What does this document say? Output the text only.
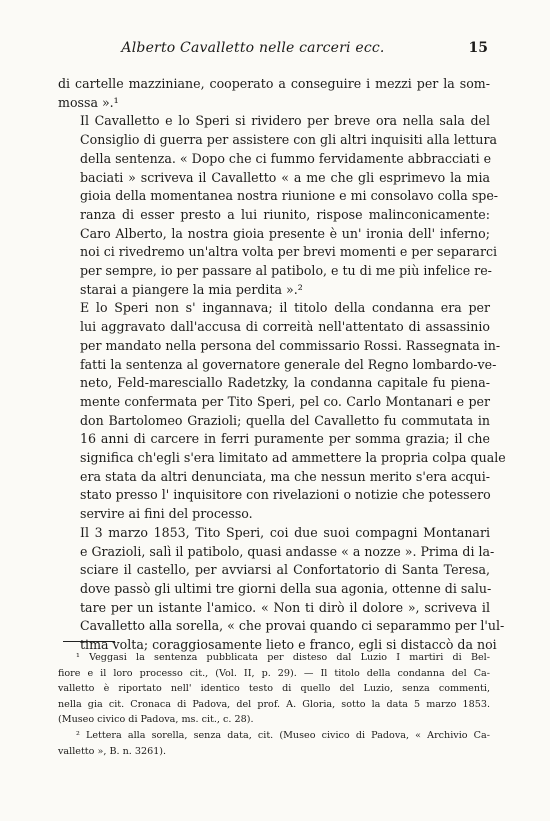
Alberto Cavalletto nelle carceri ecc.	15

di cartelle mazziniane, cooperato a conseguire i mezzi per la som-
mossa ».¹

Il Cavalletto e lo Speri si rividero per breve ora nella sala del
Consiglio di guerra per assistere con gli altri inquisiti alla lettura
della sentenza. « Dopo che ci fummo fervidamente abbracciati e
baciati » scriveva il Cavalletto « a me che gli esprimevo la mia
gioia della momentanea nostra riunione e mi consolavo colla spe-
ranza di esser presto a lui riunito, rispose malinconicamente:
Caro Alberto, la nostra gioia presente è un' ironia dell' inferno;
noi ci rivedremo un'altra volta per brevi momenti e per separarci
per sempre, io per passare al patibolo, e tu di me più infelice re-
starai a piangere la mia perdita ».²

E lo Speri non s' ingannava; il titolo della condanna era per
lui aggravato dall'accusa di correità nell'attentato di assassinio
per mandato nella persona del commissario Rossi. Rassegnata in-
fatti la sentenza al governatore generale del Regno lombardo-ve-
neto, Feld-maresciallo Radetzky, la condanna capitale fu piena-
mente confermata per Tito Speri, pel co. Carlo Montanari e per
don Bartolomeo Grazioli; quella del Cavalletto fu commutata in
16 anni di carcere in ferri puramente per somma grazia; il che
significa ch'egli s'era limitato ad ammettere la propria colpa quale
era stata da altri denunciata, ma che nessun merito s'era acqui-
stato presso l' inquisitore con rivelazioni o notizie che potessero
servire ai fini del processo.

Il 3 marzo 1853, Tito Speri, coi due suoi compagni Montanari
e Grazioli, salì il patibolo, quasi andasse « a nozze ». Prima di la-
sciare il castello, per avviarsi al Confortatorio di Santa Teresa,
dove passò gli ultimi tre giorni della sua agonia, ottenne di salu-
tare per un istante l'amico. « Non ti dirò il dolore », scriveva il
Cavalletto alla sorella, « che provai quando ci separammo per l'ul-
tima volta; coraggiosamente lieto e franco, egli si distaccò da noi

¹ Veggasi la sentenza pubblicata per disteso dal Luzio I martiri di Bel-
fiore e il loro processo cit., (Vol. II, p. 29). — Il titolo della condanna del Ca-
valletto è riportato nell' identico testo di quello del Luzio, senza commenti,
nella gia cit. Cronaca di Padova, del prof. A. Gloria, sotto la data 5 marzo 1853.
(Museo civico di Padova, ms. cit., c. 28).

² Lettera alla sorella, senza data, cit. (Museo civico di Padova, « Archivio Ca-
valletto », B. n. 3261).
